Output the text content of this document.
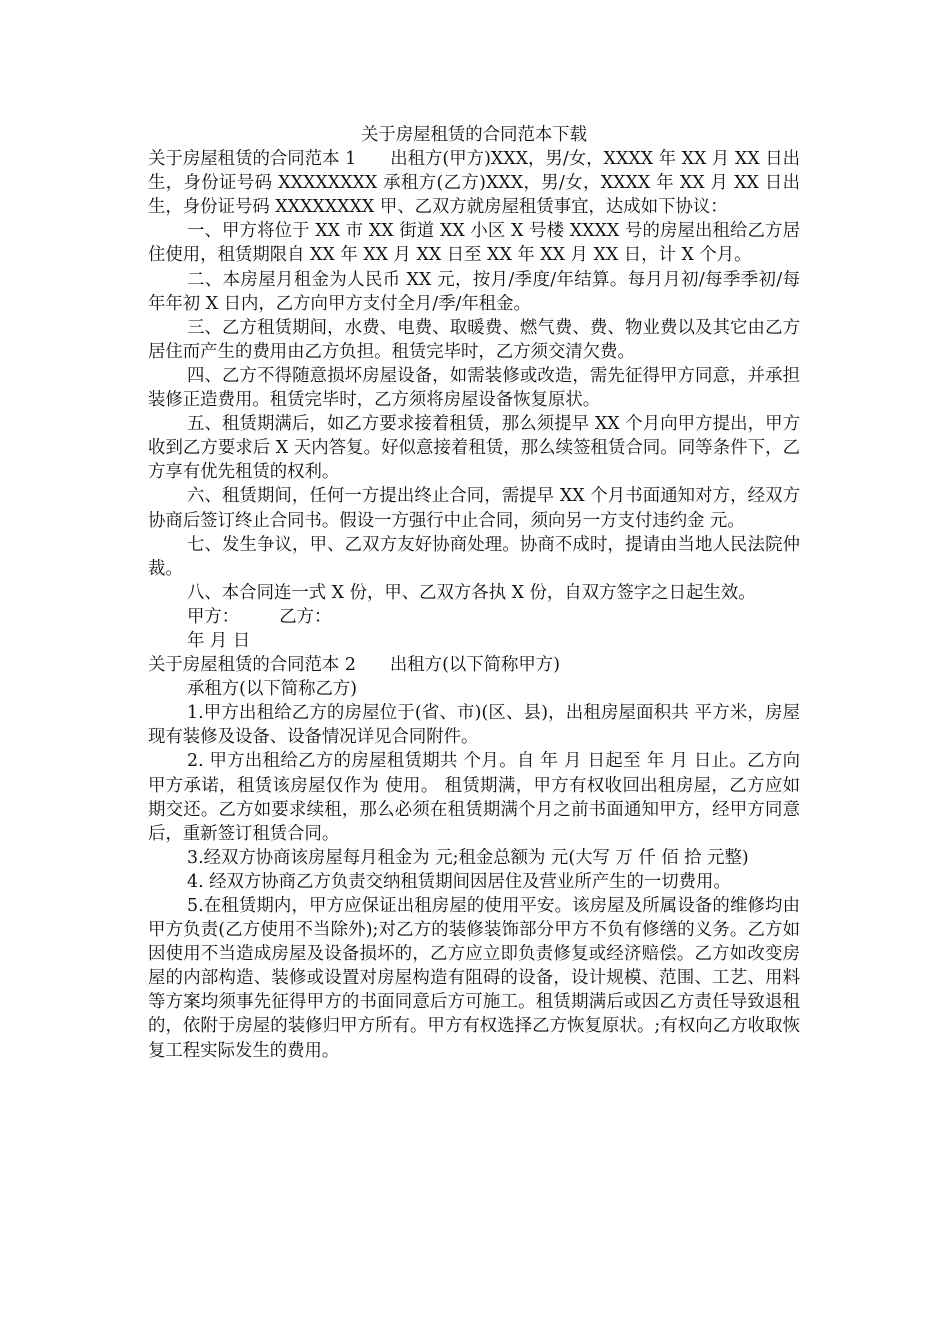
关于房屋租赁的合同范本下载

关于房屋租赁的合同范本 1 出租方(甲方)XXX，男/女，XXXX 年 XX 月 XX 日出生，身份证号码 XXXXXXXX 承租方(乙方)XXX，男/女，XXXX 年 XX 月 XX 日出生，身份证号码 XXXXXXXX 甲、乙双方就房屋租赁事宜，达成如下协议：

一、甲方将位于 XX 市 XX 街道 XX 小区 X 号楼 XXXX 号的房屋出租给乙方居住使用，租赁期限自 XX 年 XX 月 XX 日至 XX 年 XX 月 XX 日，计 X 个月。

二、本房屋月租金为人民币 XX 元，按月/季度/年结算。每月月初/每季季初/每年年初 X 日内，乙方向甲方支付全月/季/年租金。

三、乙方租赁期间，水费、电费、取暖费、燃气费、费、物业费以及其它由乙方居住而产生的费用由乙方负担。租赁完毕时，乙方须交清欠费。

四、乙方不得随意损坏房屋设备，如需装修或改造，需先征得甲方同意，并承担装修正造费用。租赁完毕时，乙方须将房屋设备恢复原状。

五、租赁期满后，如乙方要求接着租赁，那么须提早 XX 个月向甲方提出，甲方收到乙方要求后 X 天内答复。好似意接着租赁，那么续签租赁合同。同等条件下，乙方享有优先租赁的权利。

六、租赁期间，任何一方提出终止合同，需提早 XX 个月书面通知对方，经双方协商后签订终止合同书。假设一方强行中止合同，须向另一方支付违约金 元。

七、发生争议，甲、乙双方友好协商处理。协商不成时，提请由当地人民法院仲裁。

八、本合同连一式 X 份，甲、乙双方各执 X 份，自双方签字之日起生效。

甲方： 乙方：

年 月 日

关于房屋租赁的合同范本 2 出租方(以下简称甲方)

承租方(以下简称乙方)

1.甲方出租给乙方的房屋位于(省、市)(区、县)，出租房屋面积共 平方米，房屋现有装修及设备、设备情况详见合同附件。

2. 甲方出租给乙方的房屋租赁期共 个月。自 年 月 日起至 年 月 日止。乙方向甲方承诺，租赁该房屋仅作为 使用。 租赁期满，甲方有权收回出租房屋，乙方应如期交还。乙方如要求续租，那么必须在租赁期满个月之前书面通知甲方，经甲方同意后，重新签订租赁合同。

3.经双方协商该房屋每月租金为 元;租金总额为 元(大写 万 仟 佰 拾 元整)

4. 经双方协商乙方负责交纳租赁期间因居住及营业所产生的一切费用。

5.在租赁期内，甲方应保证出租房屋的使用平安。该房屋及所属设备的维修均由甲方负责(乙方使用不当除外);对乙方的装修装饰部分甲方不负有修缮的义务。乙方如因使用不当造成房屋及设备损坏的，乙方应立即负责修复或经济赔偿。乙方如改变房屋的内部构造、装修或设置对房屋构造有阻碍的设备，设计规模、范围、工艺、用料等方案均须事先征得甲方的书面同意后方可施工。租赁期满后或因乙方责任导致退租的，依附于房屋的装修归甲方所有。甲方有权选择乙方恢复原状。;有权向乙方收取恢复工程实际发生的费用。
